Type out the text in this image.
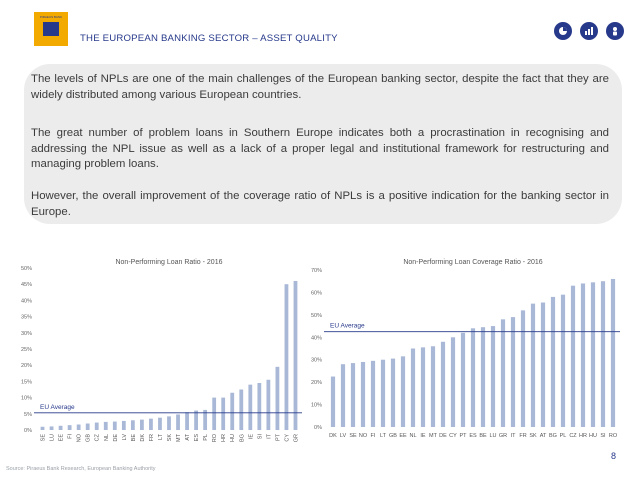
PIRAEUS BANK
THE EUROPEAN BANKING SECTOR – ASSET QUALITY

The levels of NPLs are one of the main challenges of the European banking sector, despite the fact that they are widely distributed among various European countries.

The great number of problem loans in Southern Europe indicates both a procrastination in recognising and addressing the NPL issue as well as a lack of a proper legal and institutional framework for restructuring and managing problem loans.

However, the overall improvement of the coverage ratio of NPLs is a positive indication for the banking sector in Europe.

Non-Performing Loan Ratio - 2016
0%
5%
10%
15%
20%
25%
30%
35%
40%
45%
50%
SE LU EE FI NO GB CZ NL DE LV BE DK FR LT SK MT AT ES PL RO HR HU BG IE SI IT PT CY GR
EU Average
Non-Performing Loan Coverage Ratio - 2016
0%
10%
20%
30%
40%
50%
60%
70%
DK LV SE NO FI LT GB EE NL IE MT DE CY PT ES BE LU GR IT FR SK AT BG PL CZ HR HU SI RO
EU Average
Source: Piraeus Bank Research, European Banking Authority
8
